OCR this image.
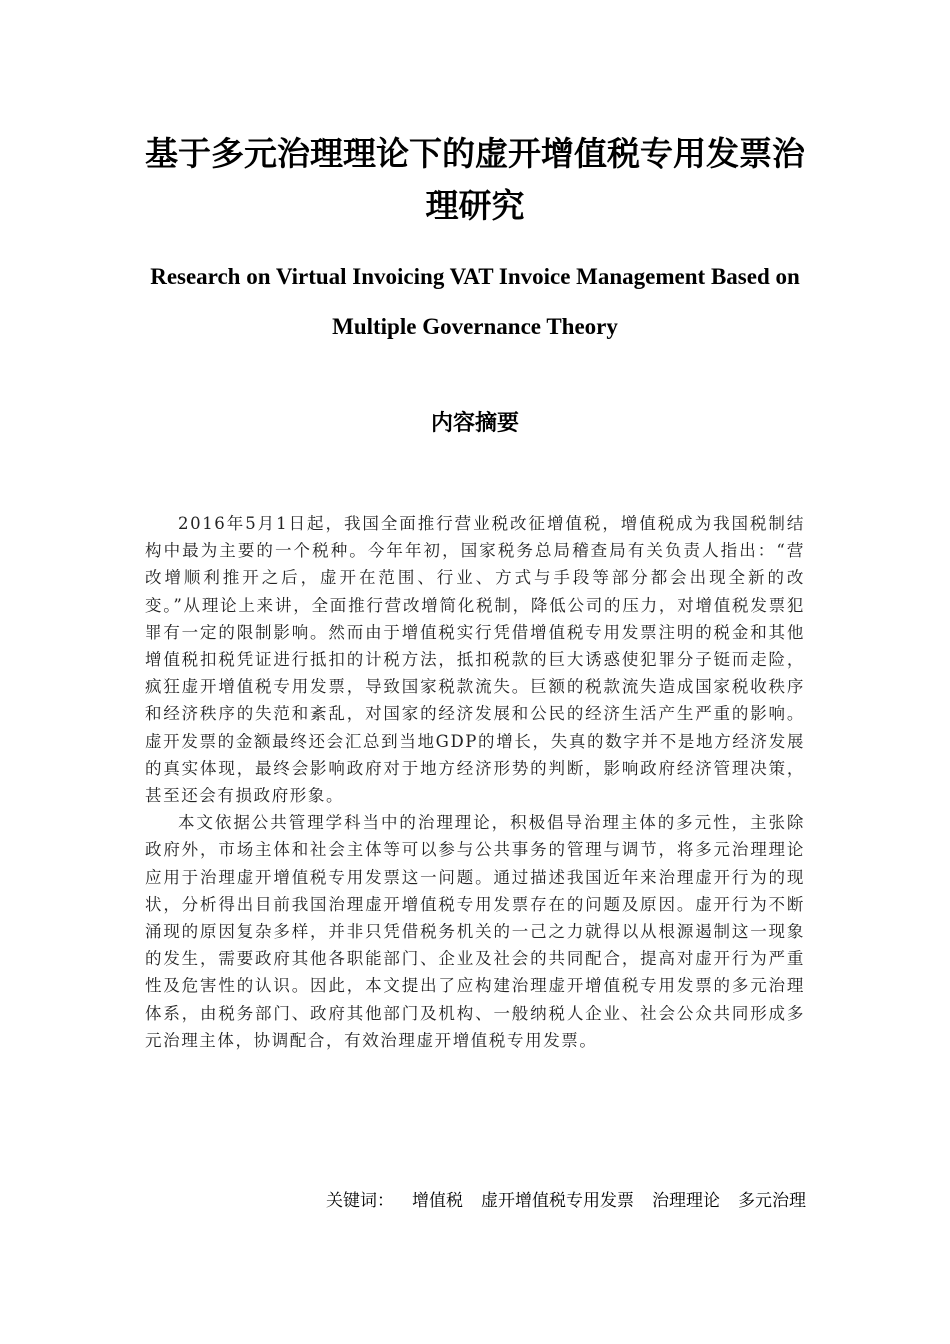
基于多元治理理论下的虚开增值税专用发票治理研究
Research on Virtual Invoicing VAT Invoice Management Based on Multiple Governance Theory
内容摘要

2016年5月1日起，我国全面推行营业税改征增值税，增值税成为我国税制结构中最为主要的一个税种。今年年初，国家税务总局稽查局有关负责人指出：“营改增顺利推开之后，虚开在范围、行业、方式与手段等部分都会出现全新的改变。”从理论上来讲，全面推行营改增简化税制，降低公司的压力，对增值税发票犯罪有一定的限制影响。然而由于增值税实行凭借增值税专用发票注明的税金和其他增值税扣税凭证进行抵扣的计税方法，抵扣税款的巨大诱惑使犯罪分子铤而走险，疯狂虚开增值税专用发票，导致国家税款流失。巨额的税款流失造成国家税收秩序和经济秩序的失范和紊乱，对国家的经济发展和公民的经济生活产生严重的影响。虚开发票的金额最终还会汇总到当地GDP的增长，失真的数字并不是地方经济发展的真实体现，最终会影响政府对于地方经济形势的判断，影响政府经济管理决策，甚至还会有损政府形象。

本文依据公共管理学科当中的治理理论，积极倡导治理主体的多元性，主张除政府外，市场主体和社会主体等可以参与公共事务的管理与调节，将多元治理理论应用于治理虚开增值税专用发票这一问题。通过描述我国近年来治理虚开行为的现状，分析得出目前我国治理虚开增值税专用发票存在的问题及原因。虚开行为不断涌现的原因复杂多样，并非只凭借税务机关的一己之力就得以从根源遏制这一现象的发生，需要政府其他各职能部门、企业及社会的共同配合，提高对虚开行为严重性及危害性的认识。因此，本文提出了应构建治理虚开增值税专用发票的多元治理体系，由税务部门、政府其他部门及机构、一般纳税人企业、社会公众共同形成多元治理主体，协调配合，有效治理虚开增值税专用发票。

关键词： 增值税 虚开增值税专用发票 治理理论 多元治理
